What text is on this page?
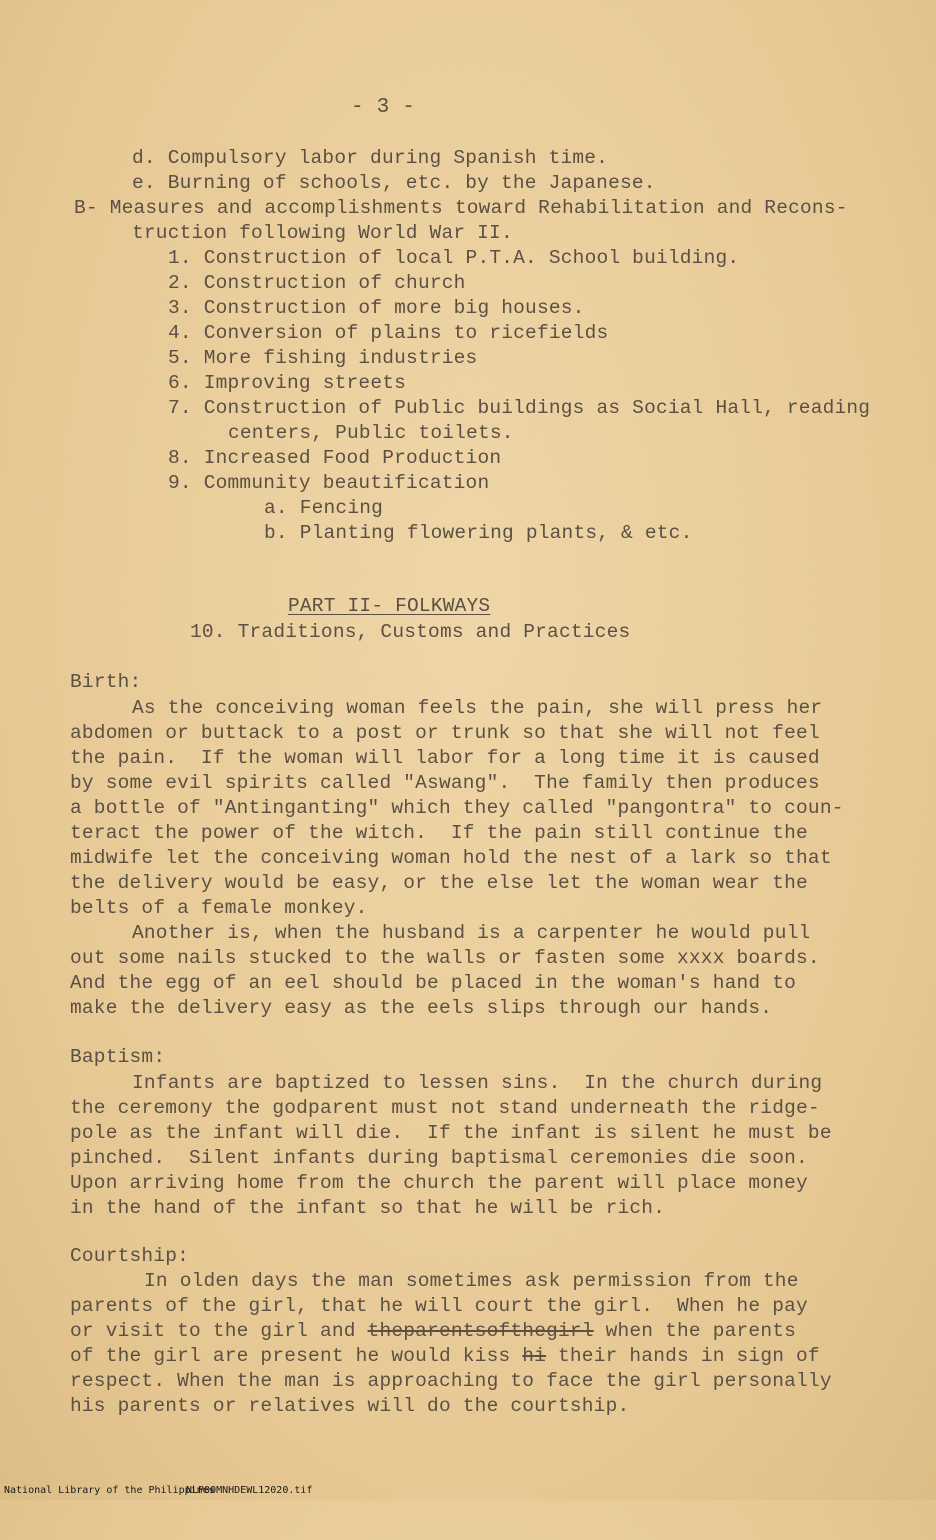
- 3 -
d. Compulsory labor during Spanish time.
e. Burning of schools, etc. by the Japanese.
B- Measures and accomplishments toward Rehabilitation and Recons-
truction following World War II.
1. Construction of local P.T.A. School building.
2. Construction of church
3. Construction of more big houses.
4. Conversion of plains to ricefields
5. More fishing industries
6. Improving streets
7. Construction of Public buildings as Social Hall, reading
centers, Public toilets.
8. Increased Food Production
9. Community beautification
a. Fencing
b. Planting flowering plants, & etc.
PART II- FOLKWAYS
10. Traditions, Customs and Practices
Birth:
As the conceiving woman feels the pain, she will press her
abdomen or buttack to a post or trunk so that she will not feel
the pain.  If the woman will labor for a long time it is caused
by some evil spirits called "Aswang".  The family then produces
a bottle of "Antinganting" which they called "pangontra" to coun-
teract the power of the witch.  If the pain still continue the
midwife let the conceiving woman hold the nest of a lark so that
the delivery would be easy, or the else let the woman wear the
belts of a female monkey.
Another is, when the husband is a carpenter he would pull
out some nails stucked to the walls or fasten some xxxx boards.
And the egg of an eel should be placed in the woman's hand to
make the delivery easy as the eels slips through our hands.
Baptism:
Infants are baptized to lessen sins.  In the church during
the ceremony the godparent must not stand underneath the ridge-
pole as the infant will die.  If the infant is silent he must be
pinched.  Silent infants during baptismal ceremonies die soon.
Upon arriving home from the church the parent will place money
in the hand of the infant so that he will be rich.
Courtship:
In olden days the man sometimes ask permission from the
parents of the girl, that he will court the girl.  When he pay
or visit to the girl and theparentsofthegirl when the parents
of the girl are present he would kiss hi their hands in sign of
respect. When the man is approaching to face the girl personally
his parents or relatives will do the courtship.

National Library of the Philippines

NLP00MNHDEWL12020.tif
